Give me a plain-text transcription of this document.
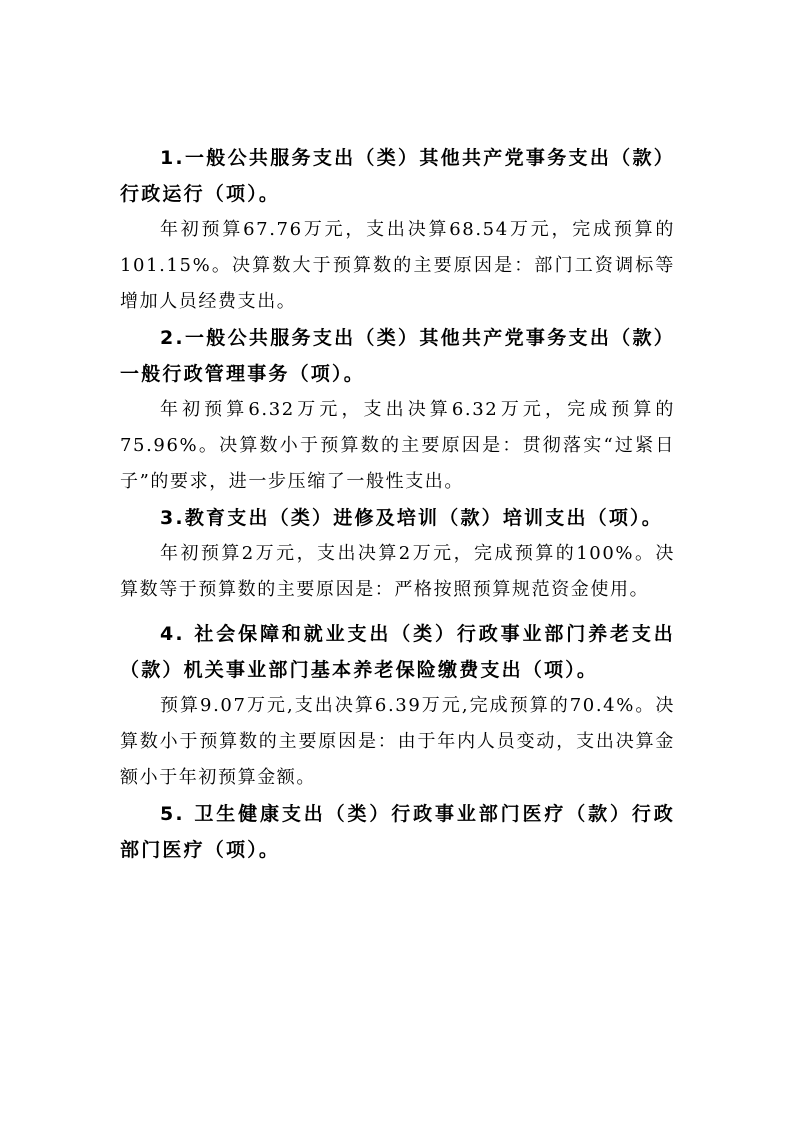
1.一般公共服务支出（类）其他共产党事务支出（款）行政运行（项）。

年初预算67.76万元，支出决算68.54万元，完成预算的101.15%。决算数大于预算数的主要原因是：部门工资调标等增加人员经费支出。

2.一般公共服务支出（类）其他共产党事务支出（款）一般行政管理事务（项）。

年初预算6.32万元，支出决算6.32万元，完成预算的75.96%。决算数小于预算数的主要原因是：贯彻落实“过紧日子”的要求，进一步压缩了一般性支出。

3.教育支出（类）进修及培训（款）培训支出（项）。

年初预算2万元，支出决算2万元，完成预算的100%。决算数等于预算数的主要原因是：严格按照预算规范资金使用。

4. 社会保障和就业支出（类）行政事业部门养老支出（款）机关事业部门基本养老保险缴费支出（项）。

预算9.07万元,支出决算6.39万元,完成预算的70.4%。决算数小于预算数的主要原因是：由于年内人员变动，支出决算金额小于年初预算金额。

5. 卫生健康支出（类）行政事业部门医疗（款）行政部门医疗（项）。
